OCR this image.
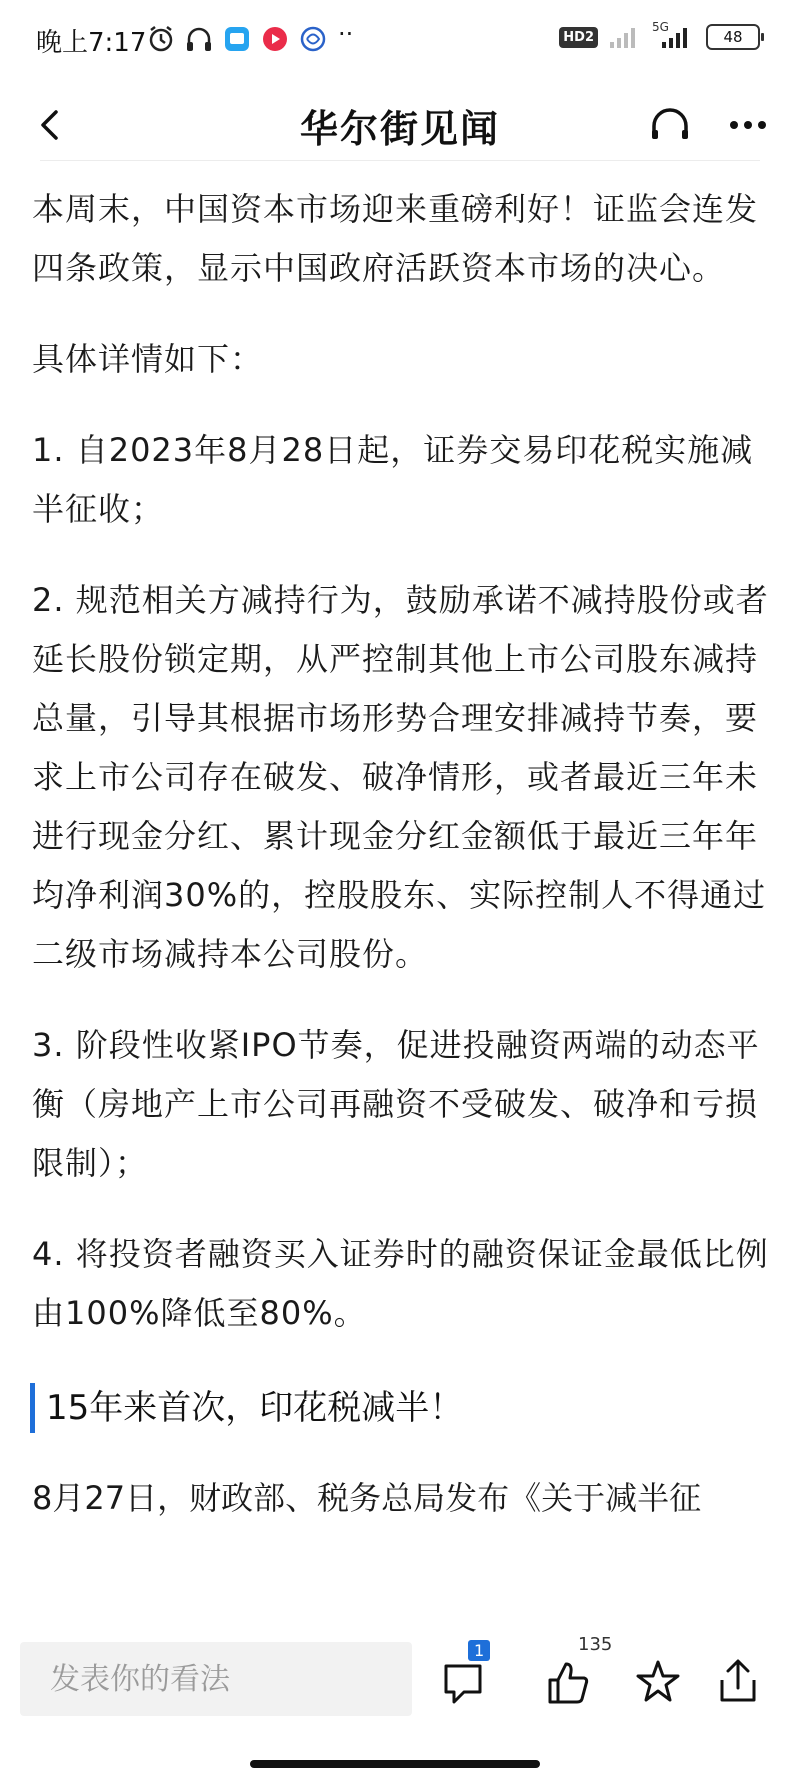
晚上7:17	··	HD2
5G
48
华尔街见闻

本周末，中国资本市场迎来重磅利好！证监会连发四条政策，显示中国政府活跃资本市场的决心。

具体详情如下：

1. 自2023年8月28日起，证券交易印花税实施减半征收；

2. 规范相关方减持行为，鼓励承诺不减持股份或者延长股份锁定期，从严控制其他上市公司股东减持总量，引导其根据市场形势合理安排减持节奏，要求上市公司存在破发、破净情形，或者最近三年未进行现金分红、累计现金分红金额低于最近三年年均净利润30%的，控股股东、实际控制人不得通过二级市场减持本公司股份。

3. 阶段性收紧IPO节奏，促进投融资两端的动态平衡（房地产上市公司再融资不受破发、破净和亏损限制）；

4. 将投资者融资买入证券时的融资保证金最低比例由100%降低至80%。

15年来首次，印花税减半！
8月27日，财政部、税务总局发布《关于减半征
发表你的看法
1	135
